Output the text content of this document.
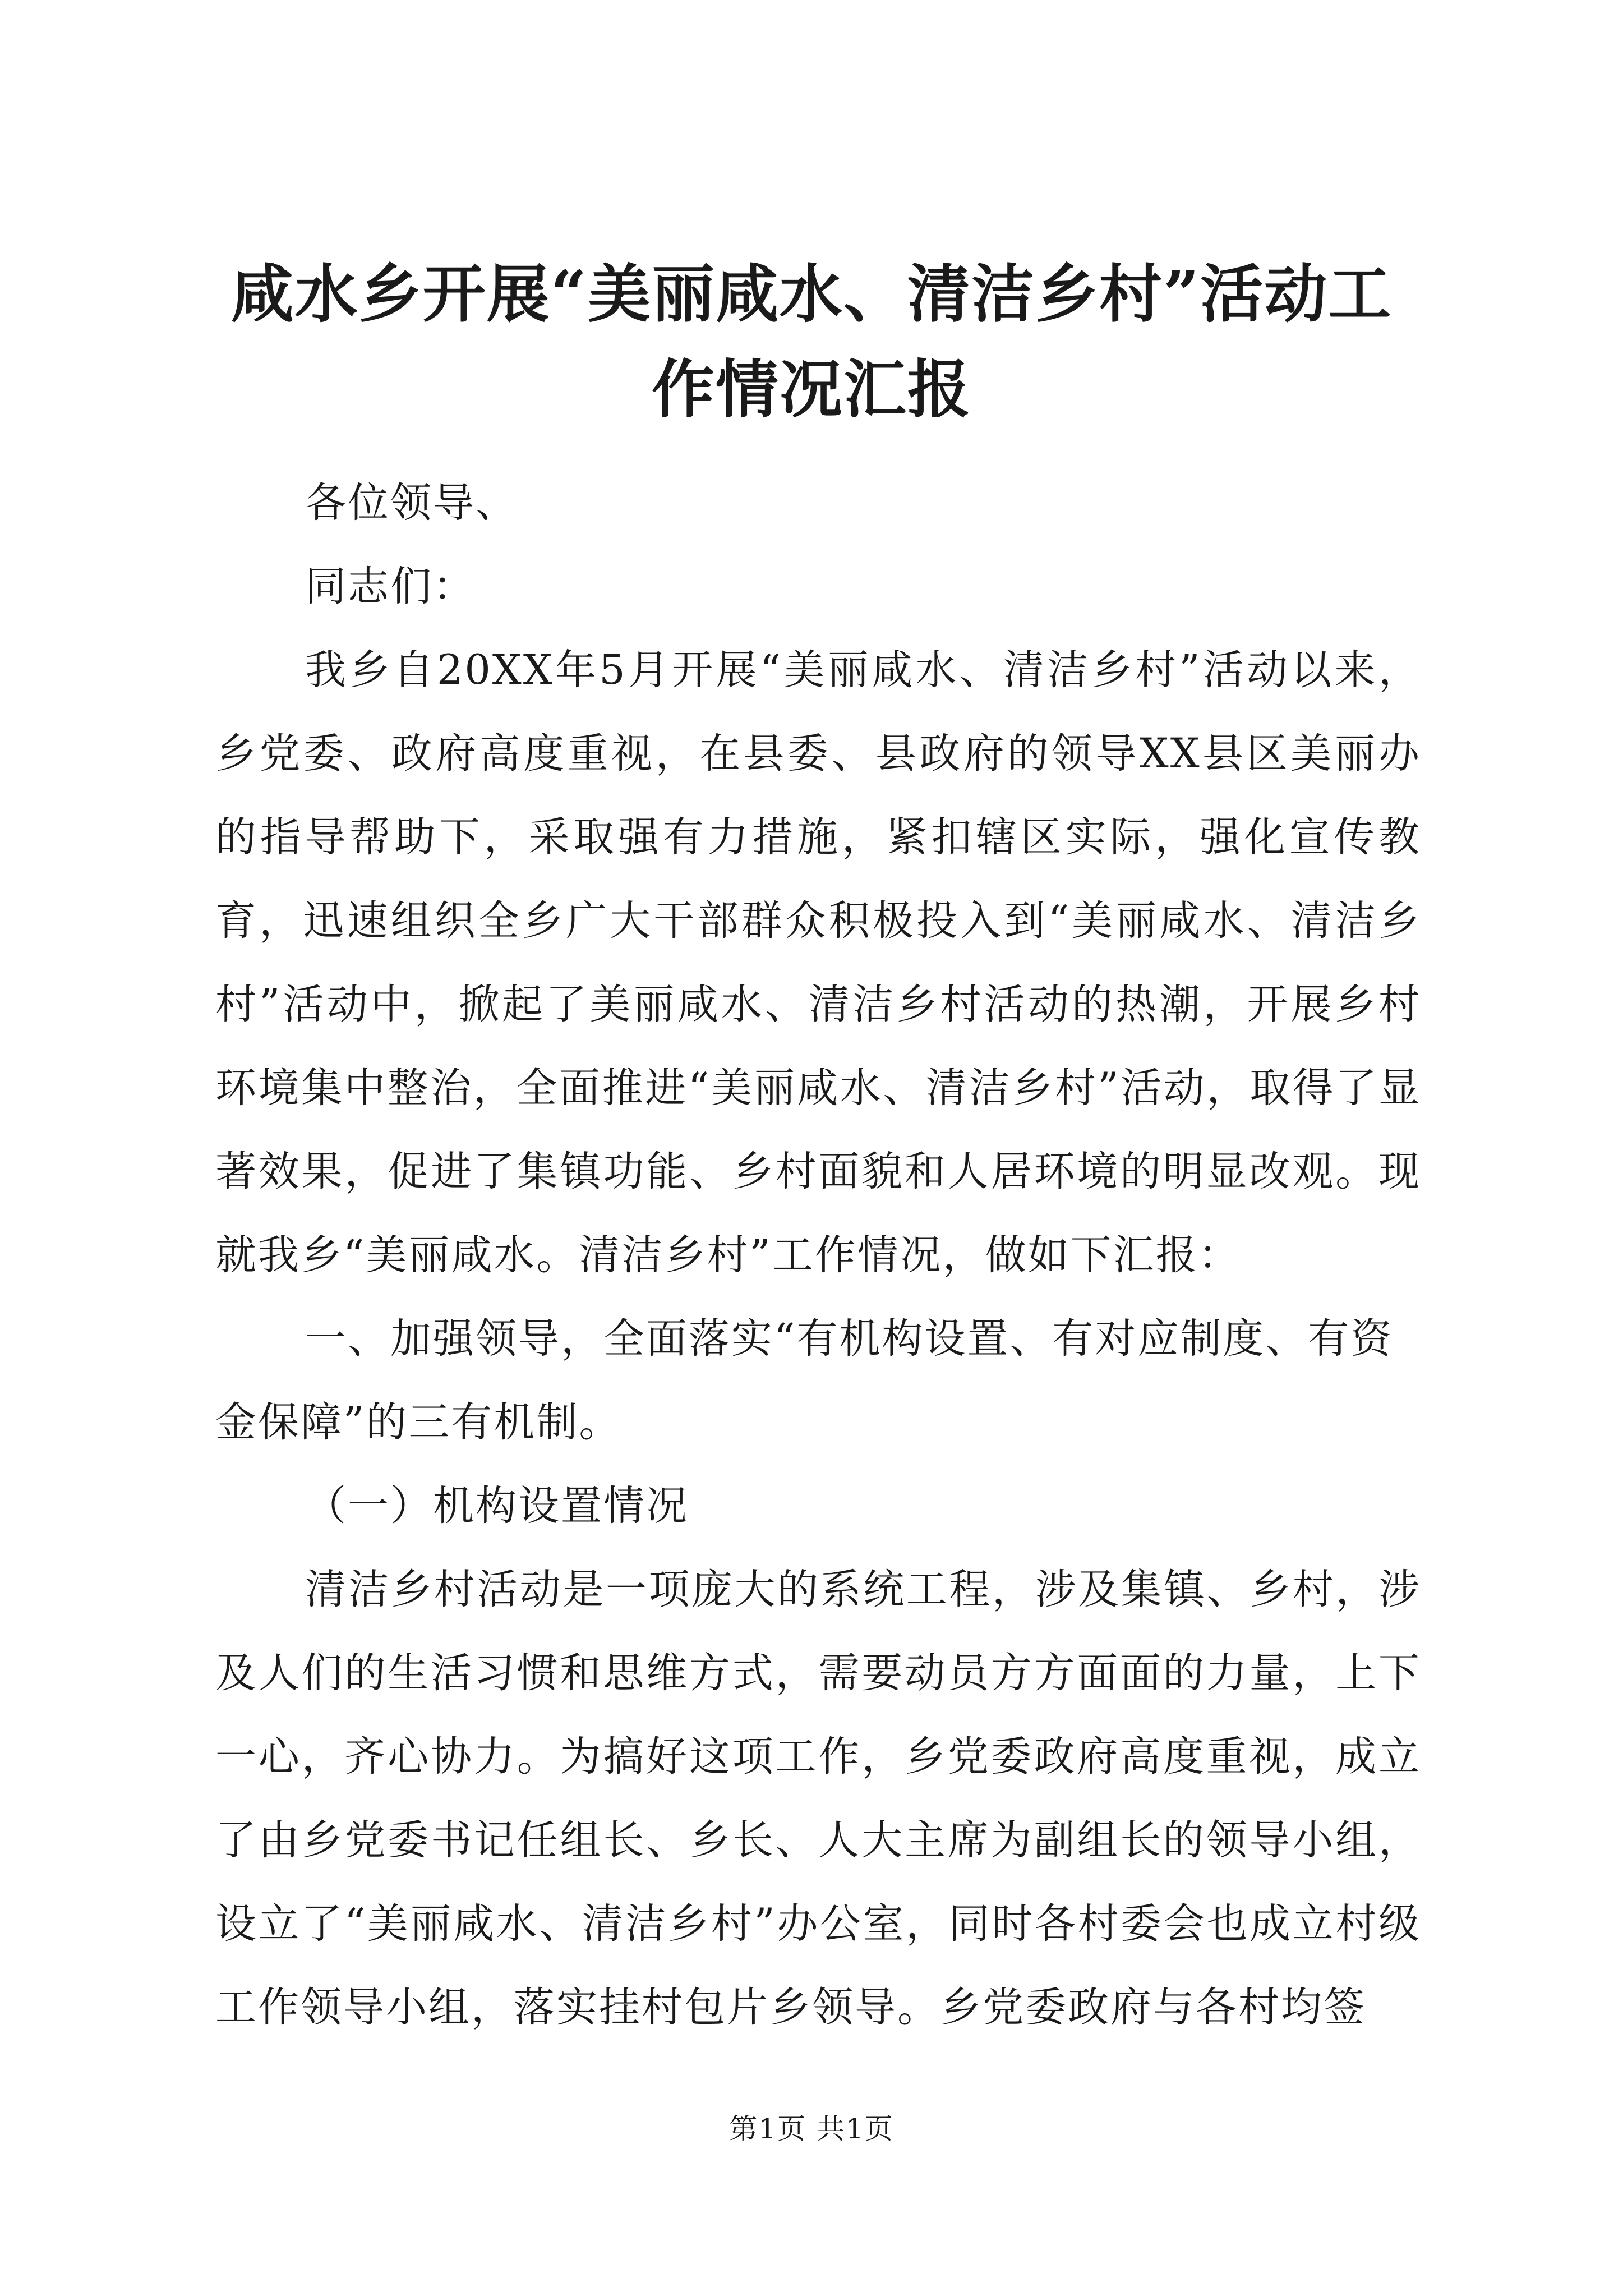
咸水乡开展“美丽咸水、清洁乡村”活动工作情况汇报

各位领导、

同志们：

我乡自20XX年5月开展“美丽咸水、清洁乡村”活动以来，乡党委、政府高度重视，在县委、县政府的领导XX县区美丽办的指导帮助下，采取强有力措施，紧扣辖区实际，强化宣传教育，迅速组织全乡广大干部群众积极投入到“美丽咸水、清洁乡村”活动中，掀起了美丽咸水、清洁乡村活动的热潮，开展乡村环境集中整治，全面推进“美丽咸水、清洁乡村”活动，取得了显著效果，促进了集镇功能、乡村面貌和人居环境的明显改观。现就我乡“美丽咸水。清洁乡村”工作情况，做如下汇报：

一、加强领导，全面落实“有机构设置、有对应制度、有资金保障”的三有机制。

（一）机构设置情况

清洁乡村活动是一项庞大的系统工程，涉及集镇、乡村，涉及人们的生活习惯和思维方式，需要动员方方面面的力量，上下一心，齐心协力。为搞好这项工作，乡党委政府高度重视，成立了由乡党委书记任组长、乡长、人大主席为副组长的领导小组，设立了“美丽咸水、清洁乡村”办公室，同时各村委会也成立村级工作领导小组，落实挂村包片乡领导。乡党委政府与各村均签

第1页 共1页
